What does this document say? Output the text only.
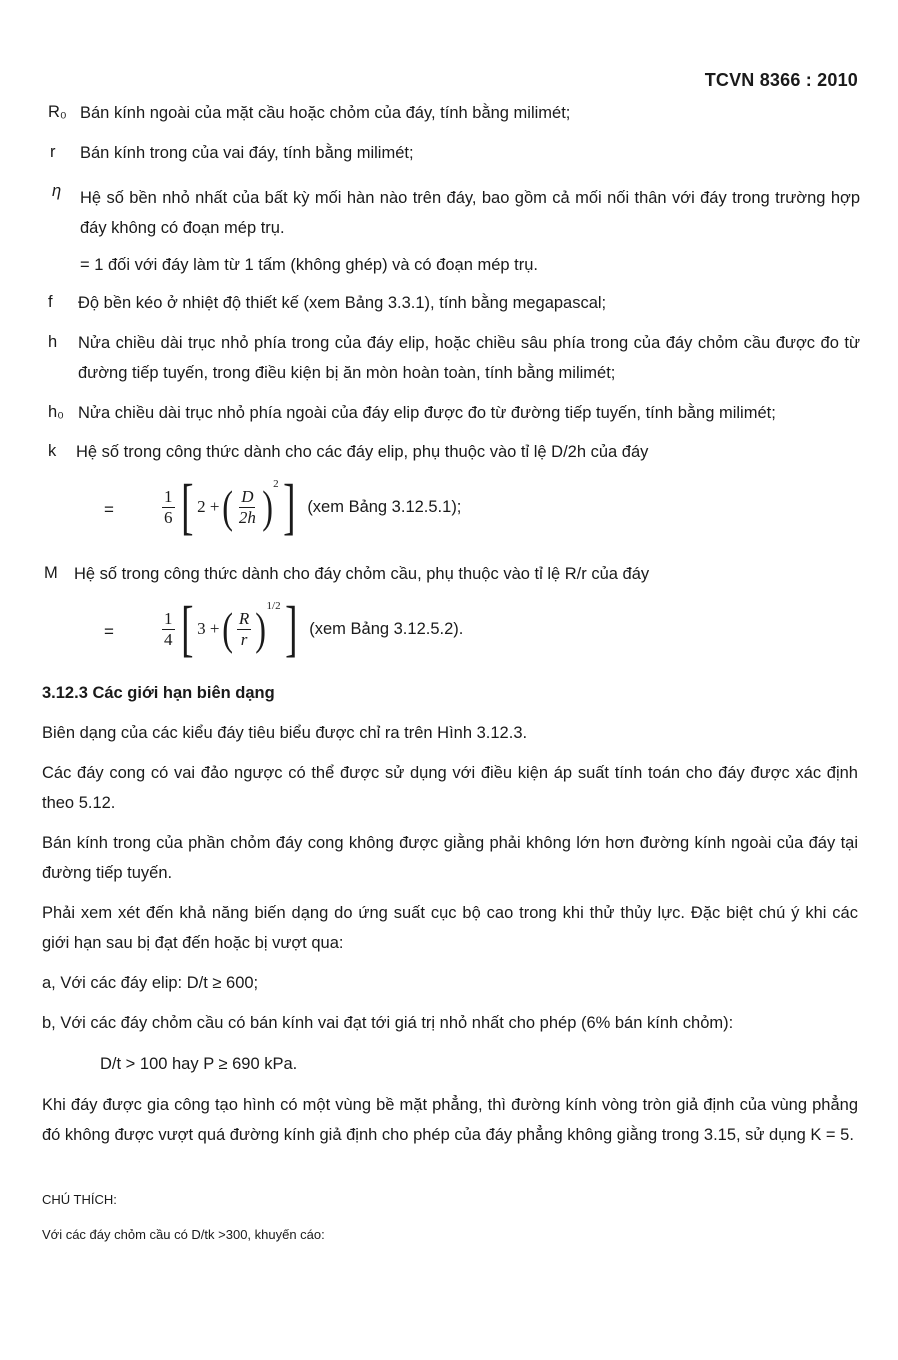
TCVN 8366 : 2010
R₀ Bán kính ngoài của mặt cầu hoặc chỏm của đáy, tính bằng milimét;
r Bán kính trong của vai đáy, tính bằng milimét;
η Hệ số bền nhỏ nhất của bất kỳ mối hàn nào trên đáy, bao gồm cả mối nối thân với đáy trong trường hợp đáy không có đoạn mép trụ.
= 1 đối với đáy làm từ 1 tấm (không ghép) và có đoạn mép trụ.
f Độ bền kéo ở nhiệt độ thiết kế (xem Bảng 3.3.1), tính bằng megapascal;
h Nửa chiều dài trục nhỏ phía trong của đáy elip, hoặc chiều sâu phía trong của đáy chỏm cầu được đo từ đường tiếp tuyến, trong điều kiện bị ăn mòn hoàn toàn, tính bằng milimét;
h₀ Nửa chiều dài trục nhỏ phía ngoài của đáy elip được đo từ đường tiếp tuyến, tính bằng milimét;
k Hệ số trong công thức dành cho các đáy elip, phụ thuộc vào tỉ lệ D/2h của đáy
=	$\frac{1}{6}$ [ 2 + ( $\frac{D}{2h}$ ) 2 ] (xem Bảng 3.12.5.1);
M Hệ số trong công thức dành cho đáy chỏm cầu, phụ thuộc vào tỉ lệ R/r của đáy
=	$\frac{1}{4}$ [ 3 + ( $\frac{R}{r}$ ) 1/2 ] (xem Bảng 3.12.5.2).
3.12.3 Các giới hạn biên dạng
Biên dạng của các kiểu đáy tiêu biểu được chỉ ra trên Hình 3.12.3.
Các đáy cong có vai đảo ngược có thể được sử dụng với điều kiện áp suất tính toán cho đáy được xác định theo 5.12.
Bán kính trong của phần chỏm đáy cong không được giằng phải không lớn hơn đường kính ngoài của đáy tại đường tiếp tuyến.
Phải xem xét đến khả năng biến dạng do ứng suất cục bộ cao trong khi thử thủy lực. Đặc biệt chú ý khi các giới hạn sau bị đạt đến hoặc bị vượt qua:
a, Với các đáy elip: D/t ≥ 600;
b, Với các đáy chỏm cầu có bán kính vai đạt tới giá trị nhỏ nhất cho phép (6% bán kính chỏm):
D/t > 100 hay P ≥ 690 kPa.
Khi đáy được gia công tạo hình có một vùng bề mặt phẳng, thì đường kính vòng tròn giả định của vùng phẳng đó không được vượt quá đường kính giả định cho phép của đáy phẳng không giằng trong 3.15, sử dụng K = 5.
CHÚ THÍCH:
Với các đáy chỏm cầu có D/tk >300, khuyến cáo:
